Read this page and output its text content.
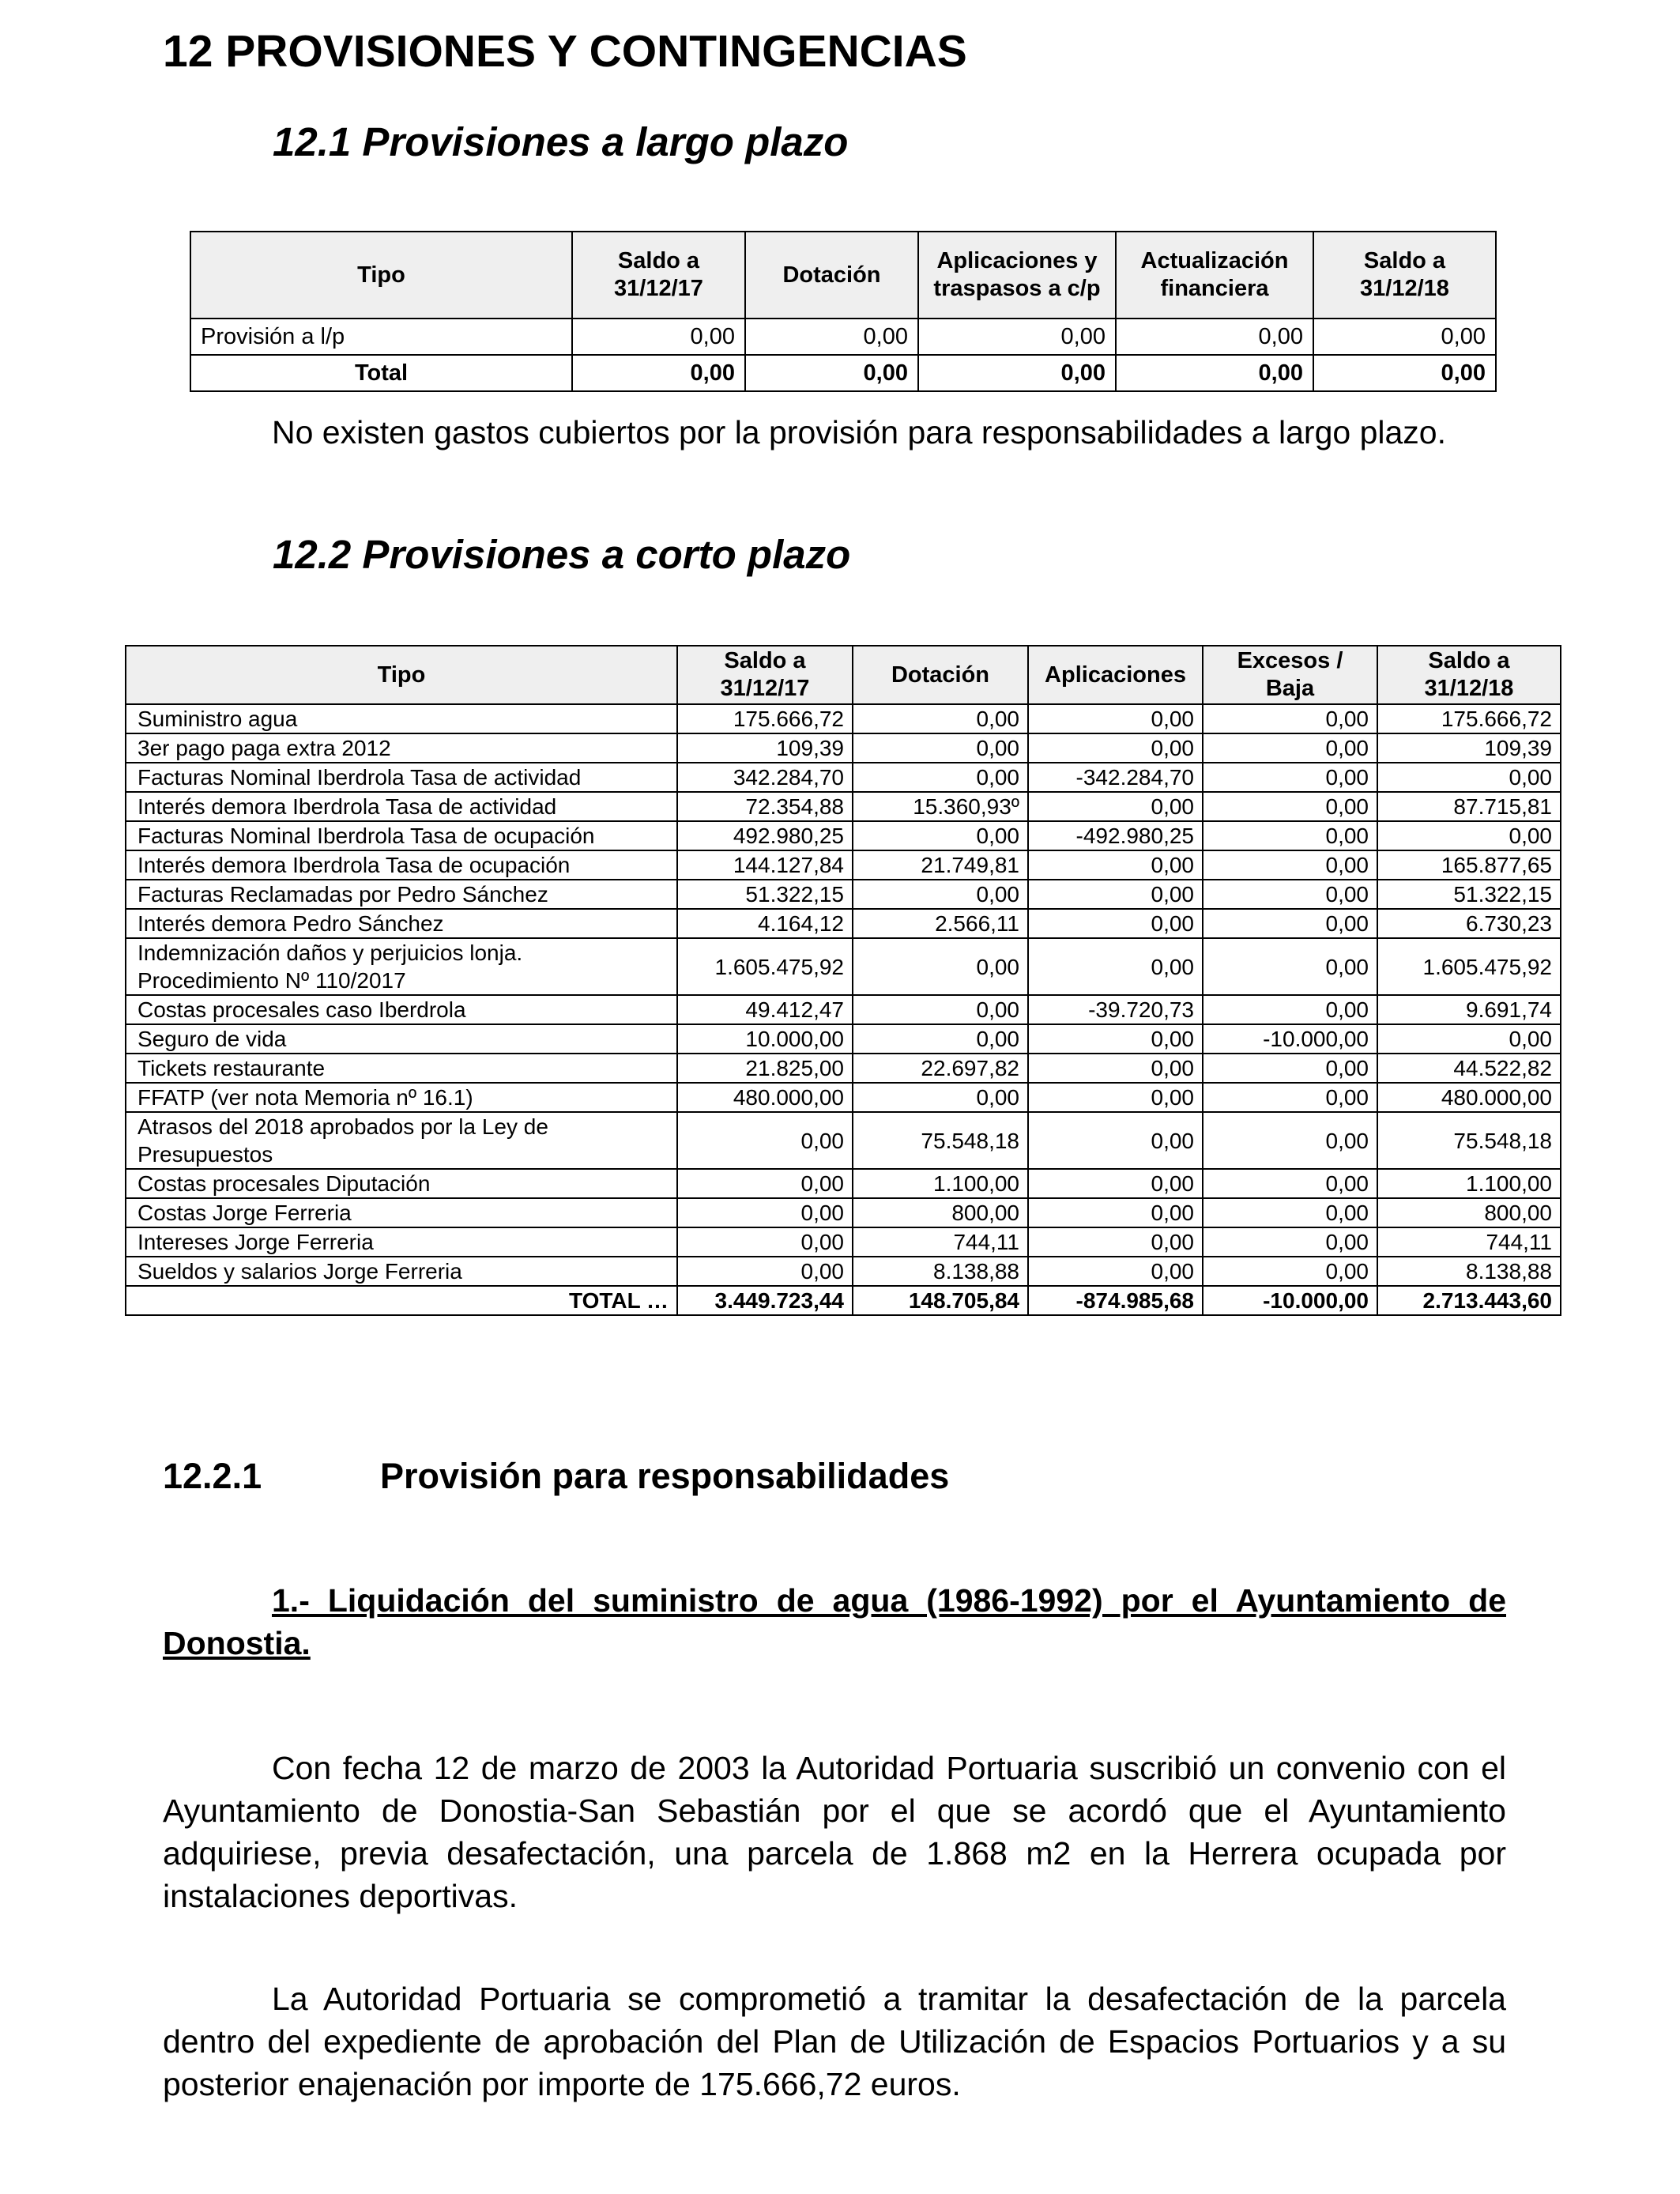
12 PROVISIONES Y CONTINGENCIAS
12.1 Provisiones a largo plazo
Tipo	Saldo a 31/12/17	Dotación	Aplicaciones y traspasos a c/p	Actualización financiera	Saldo a 31/12/18
Provisión a l/p	0,00	0,00	0,00	0,00	0,00
Total	0,00	0,00	0,00	0,00	0,00

No existen gastos cubiertos por la provisión para responsabilidades a largo plazo.

12.2 Provisiones a corto plazo
Tipo	Saldo a 31/12/17	Dotación	Aplicaciones	Excesos / Baja	Saldo a 31/12/18
Suministro agua	175.666,72	0,00	0,00	0,00	175.666,72
3er pago paga extra 2012	109,39	0,00	0,00	0,00	109,39
Facturas Nominal Iberdrola Tasa de actividad	342.284,70	0,00	-342.284,70	0,00	0,00
Interés demora Iberdrola Tasa de actividad	72.354,88	15.360,93º	0,00	0,00	87.715,81
Facturas Nominal Iberdrola Tasa de ocupación	492.980,25	0,00	-492.980,25	0,00	0,00
Interés demora Iberdrola Tasa de ocupación	144.127,84	21.749,81	0,00	0,00	165.877,65
Facturas Reclamadas por Pedro Sánchez	51.322,15	0,00	0,00	0,00	51.322,15
Interés demora Pedro Sánchez	4.164,12	2.566,11	0,00	0,00	6.730,23
Indemnización daños y perjuicios lonja. Procedimiento Nº 110/2017	1.605.475,92	0,00	0,00	0,00	1.605.475,92
Costas procesales caso Iberdrola	49.412,47	0,00	-39.720,73	0,00	9.691,74
Seguro de vida	10.000,00	0,00	0,00	-10.000,00	0,00
Tickets restaurante	21.825,00	22.697,82	0,00	0,00	44.522,82
FFATP (ver nota Memoria nº 16.1)	480.000,00	0,00	0,00	0,00	480.000,00
Atrasos del 2018 aprobados por la Ley de Presupuestos	0,00	75.548,18	0,00	0,00	75.548,18
Costas procesales Diputación	0,00	1.100,00	0,00	0,00	1.100,00
Costas Jorge Ferreria	0,00	800,00	0,00	0,00	800,00
Intereses Jorge Ferreria	0,00	744,11	0,00	0,00	744,11
Sueldos y salarios Jorge Ferreria	0,00	8.138,88	0,00	0,00	8.138,88
TOTAL …	3.449.723,44	148.705,84	-874.985,68	-10.000,00	2.713.443,60
12.2.1	Provisión para responsabilidades
1.- Liquidación del suministro de agua (1986-1992) por el Ayuntamiento de Donostia.

Con fecha 12 de marzo de 2003 la Autoridad Portuaria suscribió un convenio con el Ayuntamiento de Donostia-San Sebastián por el que se acordó que el Ayuntamiento adquiriese, previa desafectación, una parcela de 1.868 m2 en la Herrera ocupada por instalaciones deportivas.

La Autoridad Portuaria se comprometió a tramitar la desafectación de la parcela dentro del expediente de aprobación del Plan de Utilización de Espacios Portuarios y a su posterior enajenación por importe de 175.666,72 euros.
